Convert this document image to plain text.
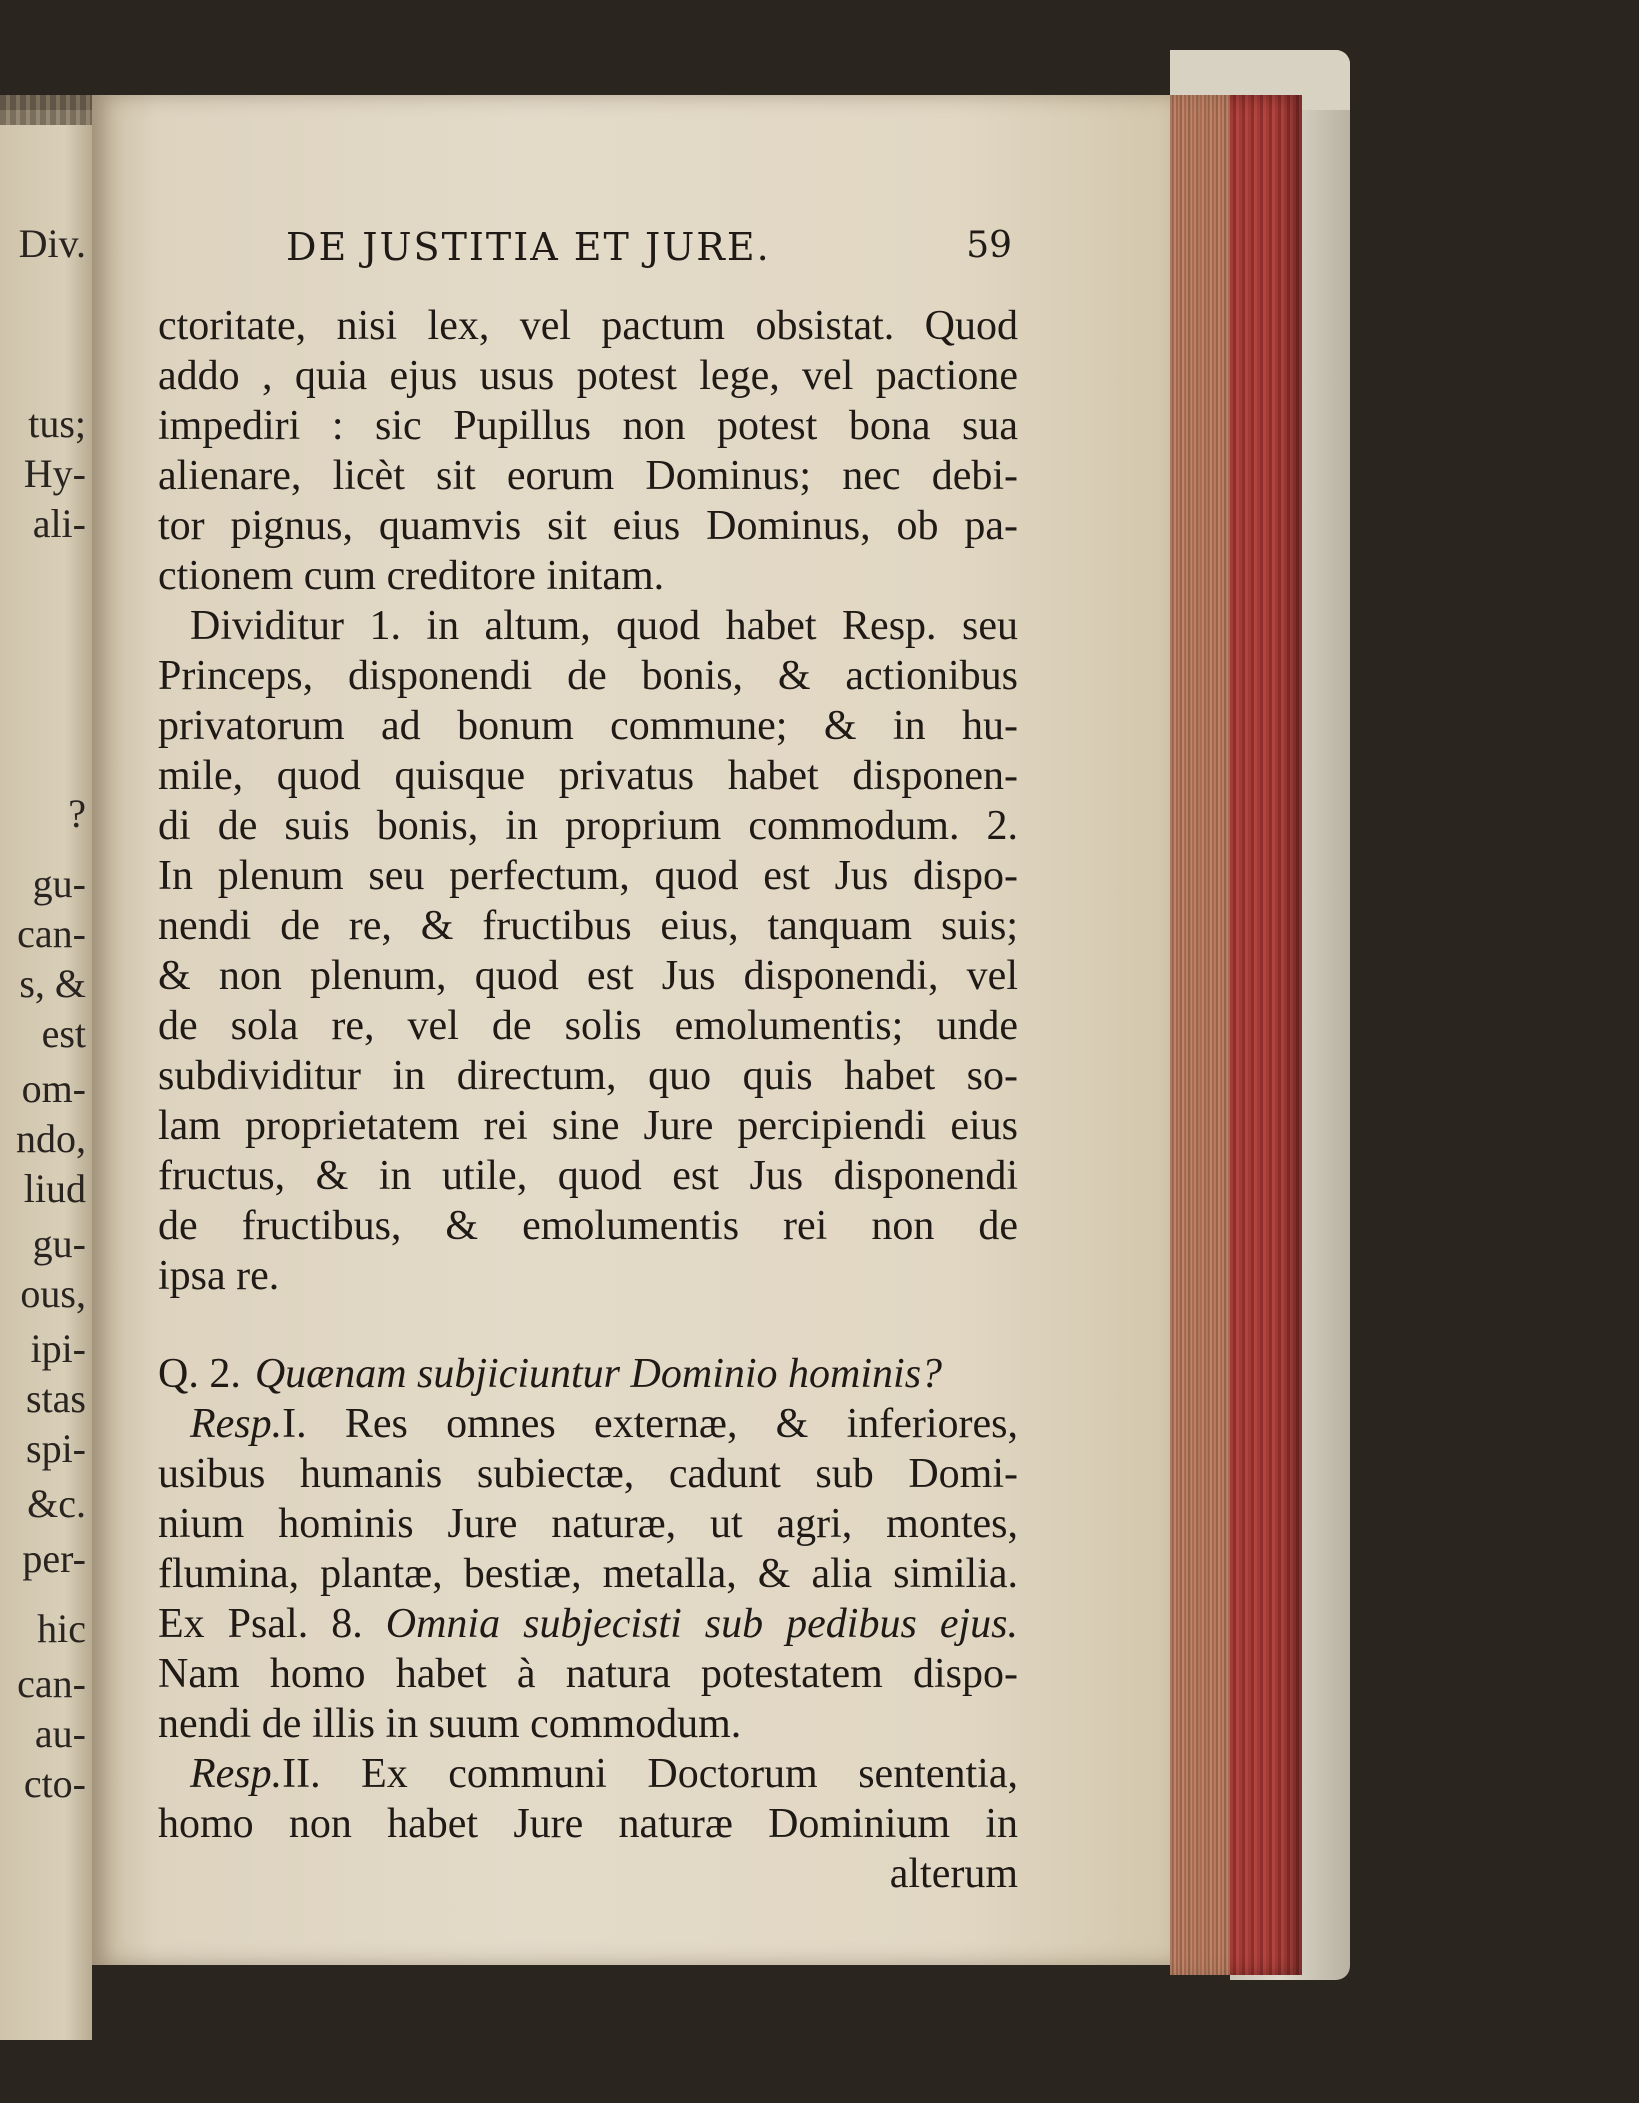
Div.
tus;
Hy-
ali-
?
gu-
can-
s, &
est
om-
ndo,
liud
gu-
ous,
ipi-
stas
spi-
&c.
per-
hic
can-
au-
cto-
DE JUSTITIA ET JURE.	59
ctoritate, nisi lex, vel pactum obsistat. Quod
addo , quia ejus usus potest lege, vel pactione
impediri : sic Pupillus non potest bona sua
alienare, licèt sit eorum Dominus; nec debi-
tor pignus, quamvis sit eius Dominus, ob pa-
ctionem cum creditore initam.
Dividitur 1. in altum, quod habet Resp. seu
Princeps, disponendi de bonis, & actionibus
privatorum ad bonum commune; & in hu-
mile, quod quisque privatus habet disponen-
di de suis bonis, in proprium commodum. 2.
In plenum seu perfectum, quod est Jus dispo-
nendi de re, & fructibus eius, tanquam suis;
& non plenum, quod est Jus disponendi, vel
de sola re, vel de solis emolumentis; unde
subdividitur in directum, quo quis habet so-
lam proprietatem rei sine Jure percipiendi eius
fructus, & in utile, quod est Jus disponendi
de fructibus, & emolumentis rei non de
ipsa re.
Q. 2. Quænam subjiciuntur Dominio hominis?
Resp.I. Res omnes externæ, & inferiores,
usibus humanis subiectæ, cadunt sub Domi-
nium hominis Jure naturæ, ut agri, montes,
flumina, plantæ, bestiæ, metalla, & alia similia.
Ex Psal. 8. Omnia subjecisti sub pedibus ejus.
Nam homo habet à natura potestatem dispo-
nendi de illis in suum commodum.
Resp.II. Ex communi Doctorum sententia,
homo non habet Jure naturæ Dominium in
alterum
